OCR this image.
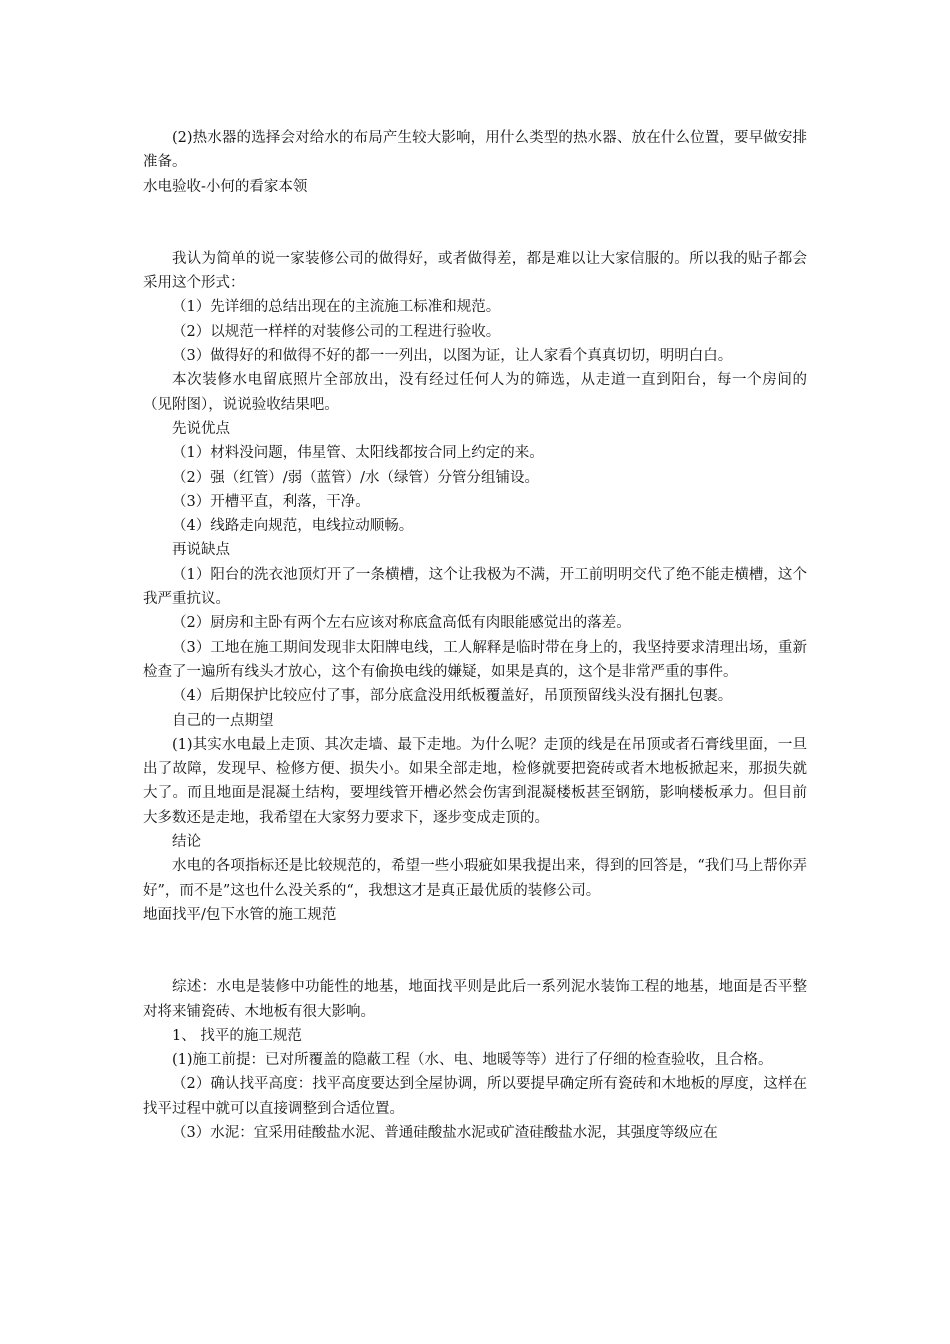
(2)热水器的选择会对给水的布局产生较大影响，用什么类型的热水器、放在什么位置，要早做安排准备。

水电验收-小何的看家本领

我认为简单的说一家装修公司的做得好，或者做得差，都是难以让大家信服的。所以我的贴子都会采用这个形式：

（1）先详细的总结出现在的主流施工标准和规范。

（2）以规范一样样的对装修公司的工程进行验收。

（3）做得好的和做得不好的都一一列出，以图为证，让人家看个真真切切，明明白白。

本次装修水电留底照片全部放出，没有经过任何人为的筛选，从走道一直到阳台，每一个房间的（见附图），说说验收结果吧。

先说优点

（1）材料没问题，伟星管、太阳线都按合同上约定的来。

（2）强（红管）/弱（蓝管）/水（绿管）分管分组铺设。

（3）开槽平直，利落，干净。

（4）线路走向规范，电线拉动顺畅。

再说缺点

（1）阳台的洗衣池顶灯开了一条横槽，这个让我极为不满，开工前明明交代了绝不能走横槽，这个我严重抗议。

（2）厨房和主卧有两个左右应该对称底盒高低有肉眼能感觉出的落差。

（3）工地在施工期间发现非太阳牌电线，工人解释是临时带在身上的，我坚持要求清理出场，重新检查了一遍所有线头才放心，这个有偷换电线的嫌疑，如果是真的，这个是非常严重的事件。

（4）后期保护比较应付了事，部分底盒没用纸板覆盖好，吊顶预留线头没有捆扎包裹。

自己的一点期望

(1)其实水电最上走顶、其次走墙、最下走地。为什么呢？走顶的线是在吊顶或者石膏线里面，一旦出了故障，发现早、检修方便、损失小。如果全部走地，检修就要把瓷砖或者木地板掀起来，那损失就大了。而且地面是混凝土结构，要埋线管开槽必然会伤害到混凝楼板甚至钢筋，影响楼板承力。但目前大多数还是走地，我希望在大家努力要求下，逐步变成走顶的。

结论

水电的各项指标还是比较规范的，希望一些小瑕疵如果我提出来，得到的回答是，“我们马上帮你弄好”，而不是”这也什么没关系的“，我想这才是真正最优质的装修公司。

地面找平/包下水管的施工规范

综述：水电是装修中功能性的地基，地面找平则是此后一系列泥水装饰工程的地基，地面是否平整对将来铺瓷砖、木地板有很大影响。

1、 找平的施工规范

(1)施工前提：已对所覆盖的隐蔽工程（水、电、地暖等等）进行了仔细的检查验收，且合格。

（2）确认找平高度：找平高度要达到全屋协调，所以要提早确定所有瓷砖和木地板的厚度，这样在找平过程中就可以直接调整到合适位置。

（3）水泥：宜采用硅酸盐水泥、普通硅酸盐水泥或矿渣硅酸盐水泥，其强度等级应在
